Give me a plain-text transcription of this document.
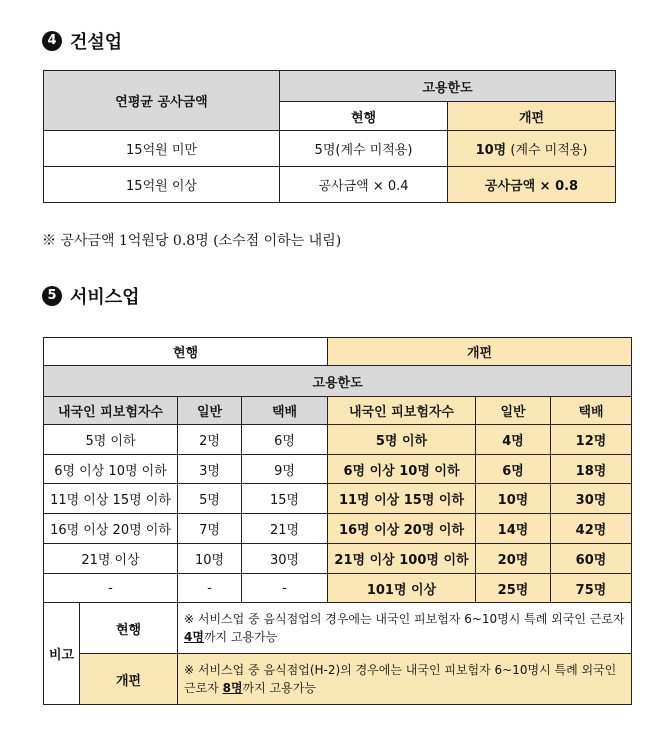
4 건설업
연평균 공사금액	고용한도	
	현행	개편
15억원 미만	5명(계수 미적용)	10명 (계수 미적용)
15억원 이상	공사금액 × 0.4	공사금액 × 0.8
※ 공사금액 1억원당 0.8명 (소수점 이하는 내림)
5 서비스업
현행				개편		
고용한도						
내국인 피보험자수		일반	택배	내국인 피보험자수	일반	택배
5명 이하		2명	6명	5명 이하	4명	12명
6명 이상 10명 이하		3명	9명	6명 이상 10명 이하	6명	18명
11명 이상 15명 이하		5명	15명	11명 이상 15명 이하	10명	30명
16명 이상 20명 이하		7명	21명	16명 이상 20명 이하	14명	42명
21명 이상		10명	30명	21명 이상 100명 이하	20명	60명
-		-	-	101명 이상	25명	75명
비고	현행	※ 서비스업 중 음식점업의 경우에는 내국인 피보험자 6~10명시 특례 외국인 근로자 4명까지 고용가능				
	개편	※ 서비스업 중 음식점업(H-2)의 경우에는 내국인 피보험자 6~10명시 특례 외국인 근로자 8명까지 고용가능				
